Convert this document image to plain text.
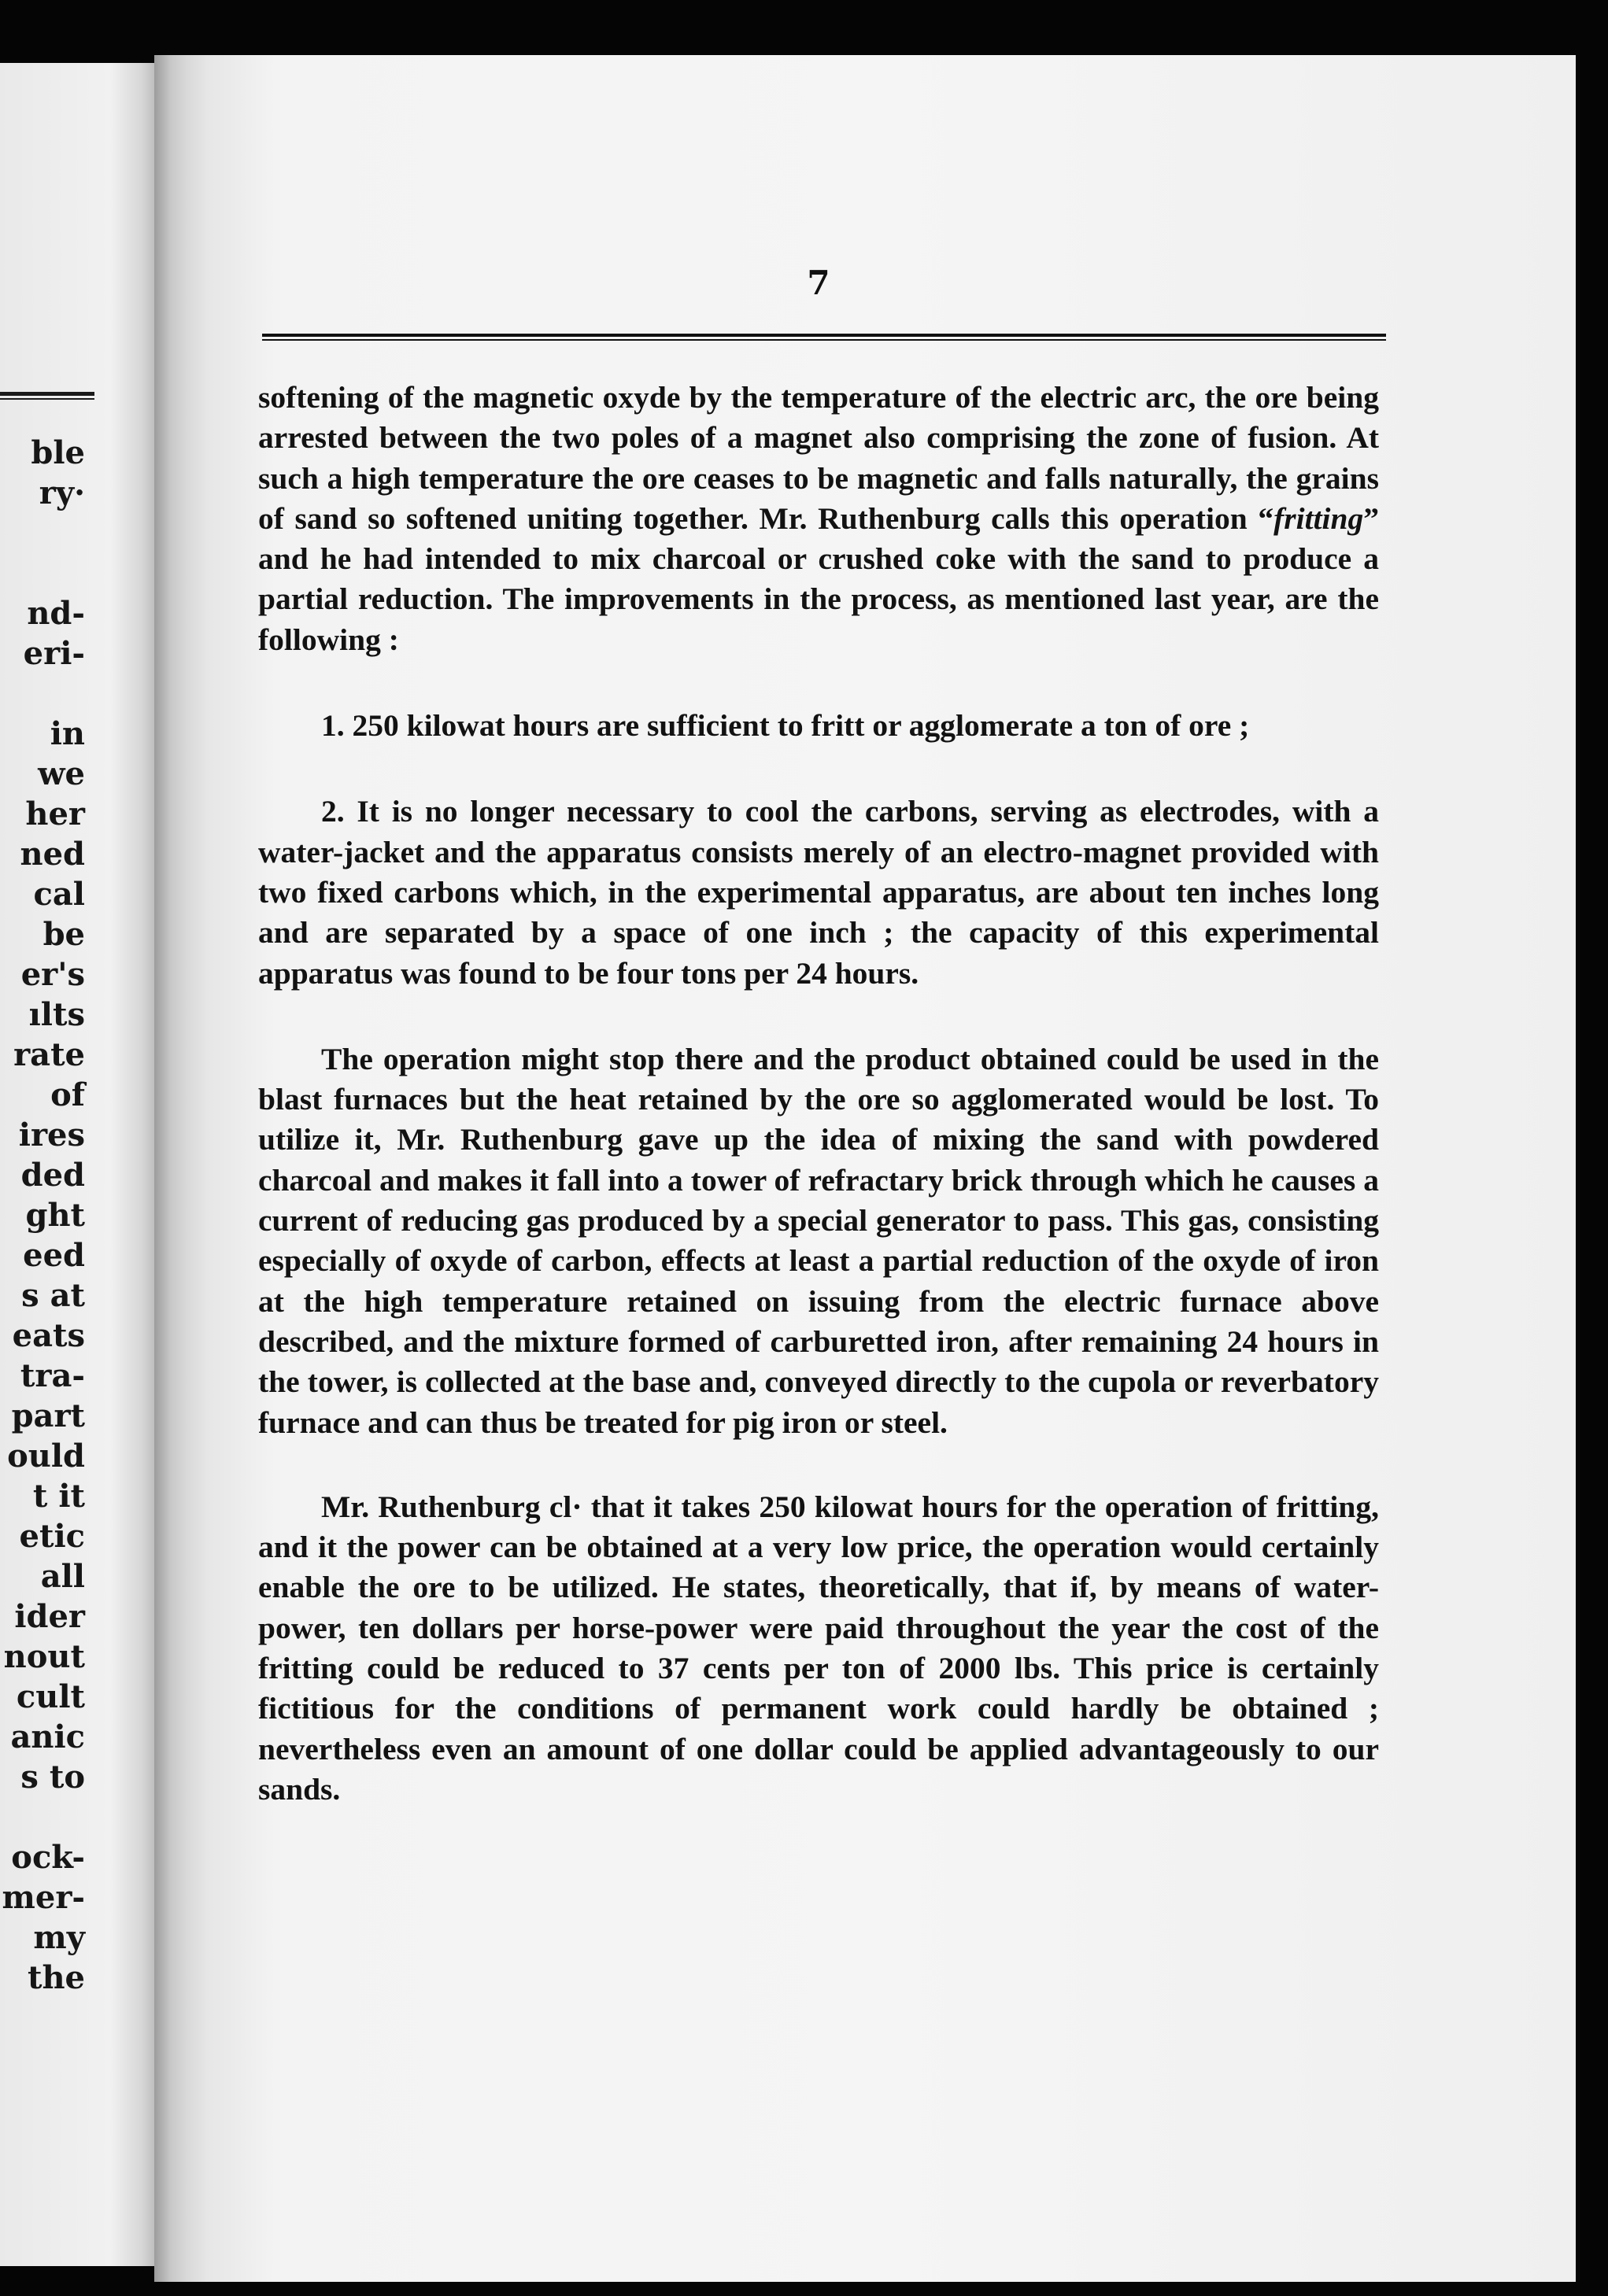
ble
ry·
nd-
eri-
in
we
her
ned
cal
be
er's
ılts
rate
of
ires
ded
ght
eed
s at
eats
tra-
part
ould
t it
etic
all
ider
nout
cult
anic
s to
ock-
mer-
my
the
7

softening of the magnetic oxyde by the temperature of the electric arc, the ore being arrested between the two poles of a magnet also comprising the zone of fusion. At such a high temperature the ore ceases to be magnetic and falls naturally, the grains of sand so softened uniting together. Mr. Ruthenburg calls this operation “fritting” and he had intended to mix charcoal or crushed coke with the sand to produce a partial reduction. The improvements in the process, as mentioned last year, are the following :

1. 250 kilowat hours are sufficient to fritt or agglomerate a ton of ore ;

2. It is no longer necessary to cool the carbons, serving as electrodes, with a water-jacket and the apparatus consists merely of an electro-magnet provided with two fixed carbons which, in the experimental apparatus, are about ten inches long and are separated by a space of one inch ; the capacity of this experimental apparatus was found to be four tons per 24 hours.

The operation might stop there and the product obtained could be used in the blast furnaces but the heat retained by the ore so agglomerated would be lost. To utilize it, Mr. Ruthenburg gave up the idea of mixing the sand with powdered charcoal and makes it fall into a tower of refractary brick through which he causes a current of reducing gas produced by a special generator to pass. This gas, consisting especially of oxyde of carbon, effects at least a partial reduction of the oxyde of iron at the high temperature retained on issuing from the electric furnace above described, and the mixture formed of carburetted iron, after remaining 24 hours in the tower, is collected at the base and, conveyed directly to the cupola or reverbatory furnace and can thus be treated for pig iron or steel.

Mr. Ruthenburg cl· that it takes 250 kilowat hours for the operation of fritting, and it the power can be obtained at a very low price, the operation would certainly enable the ore to be utilized. He states, theoretically, that if, by means of water-power, ten dollars per horse-power were paid throughout the year the cost of the fritting could be reduced to 37 cents per ton of 2000 lbs. This price is certainly fictitious for the conditions of permanent work could hardly be obtained ; nevertheless even an amount of one dollar could be applied advantageously to our sands.
